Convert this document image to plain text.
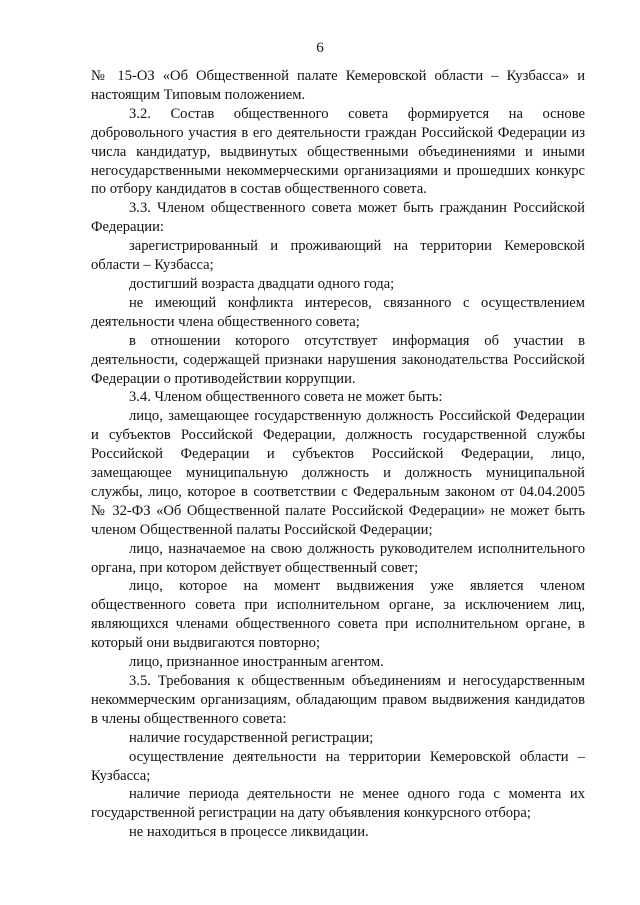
6

№ 15-ОЗ «Об Общественной палате Кемеровской области – Кузбасса» и настоящим Типовым положением.

3.2. Состав общественного совета формируется на основе добровольного участия в его деятельности граждан Российской Федерации из числа кандидатур, выдвинутых общественными объединениями и иными негосударственными некоммерческими организациями и прошедших конкурс по отбору кандидатов в состав общественного совета.

3.3. Членом общественного совета может быть гражданин Российской Федерации:

зарегистрированный и проживающий на территории Кемеровской области – Кузбасса;

достигший возраста двадцати одного года;

не имеющий конфликта интересов, связанного с осуществлением деятельности члена общественного совета;

в отношении которого отсутствует информация об участии в деятельности, содержащей признаки нарушения законодательства Российской Федерации о противодействии коррупции.

3.4. Членом общественного совета не может быть:

лицо, замещающее государственную должность Российской Федерации и субъектов Российской Федерации, должность государственной службы Российской Федерации и субъектов Российской Федерации, лицо, замещающее муниципальную должность и должность муниципальной службы, лицо, которое в соответствии с Федеральным законом от 04.04.2005 № 32-ФЗ «Об Общественной палате Российской Федерации» не может быть членом Общественной палаты Российской Федерации;

лицо, назначаемое на свою должность руководителем исполнительного органа, при котором действует общественный совет;

лицо, которое на момент выдвижения уже является членом общественного совета при исполнительном органе, за исключением лиц, являющихся членами общественного совета при исполнительном органе, в который они выдвигаются повторно;

лицо, признанное иностранным агентом.

3.5. Требования к общественным объединениям и негосударственным некоммерческим организациям, обладающим правом выдвижения кандидатов в члены общественного совета:

наличие государственной регистрации;

осуществление деятельности на территории Кемеровской области – Кузбасса;

наличие периода деятельности не менее одного года с момента их государственной регистрации на дату объявления конкурсного отбора;

не находиться в процессе ликвидации.
